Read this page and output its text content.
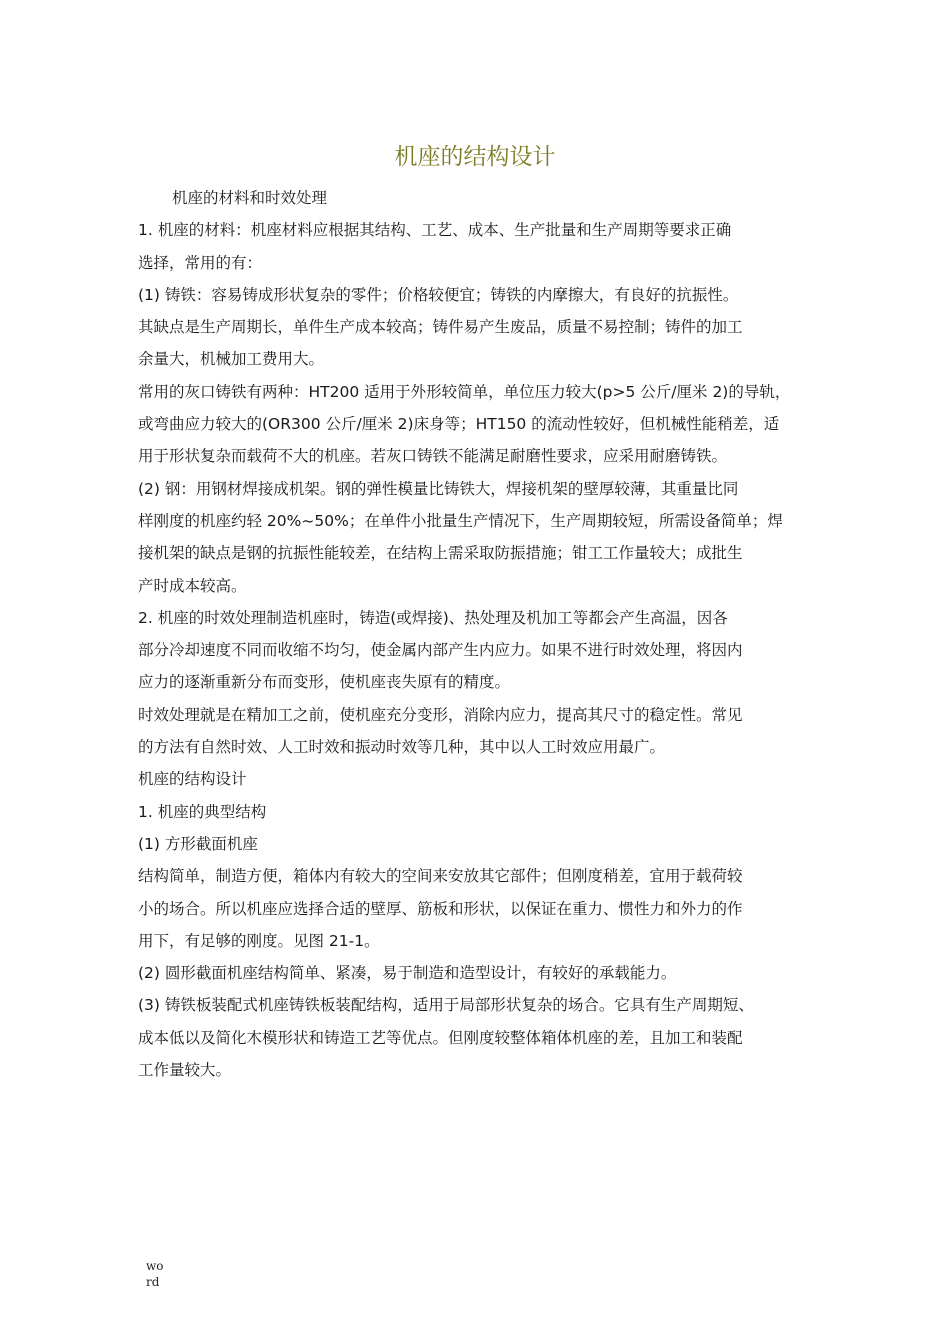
机座的结构设计
机座的材料和时效处理
1. 机座的材料：机座材料应根据其结构、工艺、成本、生产批量和生产周期等要求正确
选择，常用的有：
(1) 铸铁：容易铸成形状复杂的零件；价格较便宜；铸铁的内摩擦大，有良好的抗振性。
其缺点是生产周期长，单件生产成本较高；铸件易产生废品，质量不易控制；铸件的加工
余量大，机械加工费用大。
常用的灰口铸铁有两种：HT200 适用于外形较简单，单位压力较大(p>5 公斤/厘米 2)的导轨，
或弯曲应力较大的(OR300 公斤/厘米 2)床身等；HT150 的流动性较好，但机械性能稍差，适
用于形状复杂而载荷不大的机座。若灰口铸铁不能满足耐磨性要求，应采用耐磨铸铁。
(2) 钢：用钢材焊接成机架。钢的弹性模量比铸铁大，焊接机架的壁厚较薄，其重量比同
样刚度的机座约轻 20%~50%；在单件小批量生产情况下，生产周期较短，所需设备简单；焊
接机架的缺点是钢的抗振性能较差，在结构上需采取防振措施；钳工工作量较大；成批生
产时成本较高。
2. 机座的时效处理制造机座时，铸造(或焊接)、热处理及机加工等都会产生高温，因各
部分冷却速度不同而收缩不均匀，使金属内部产生内应力。如果不进行时效处理，将因内
应力的逐渐重新分布而变形，使机座丧失原有的精度。
时效处理就是在精加工之前，使机座充分变形，消除内应力，提高其尺寸的稳定性。常见
的方法有自然时效、人工时效和振动时效等几种，其中以人工时效应用最广。
机座的结构设计
1. 机座的典型结构
(1) 方形截面机座
结构简单，制造方便，箱体内有较大的空间来安放其它部件；但刚度稍差，宜用于载荷较
小的场合。所以机座应选择合适的壁厚、筋板和形状，以保证在重力、惯性力和外力的作
用下，有足够的刚度。见图 21-1。
(2) 圆形截面机座结构简单、紧凑，易于制造和造型设计，有较好的承载能力。
(3) 铸铁板装配式机座铸铁板装配结构，适用于局部形状复杂的场合。它具有生产周期短、
成本低以及简化木模形状和铸造工艺等优点。但刚度较整体箱体机座的差，且加工和装配
工作量较大。
wo
rd
